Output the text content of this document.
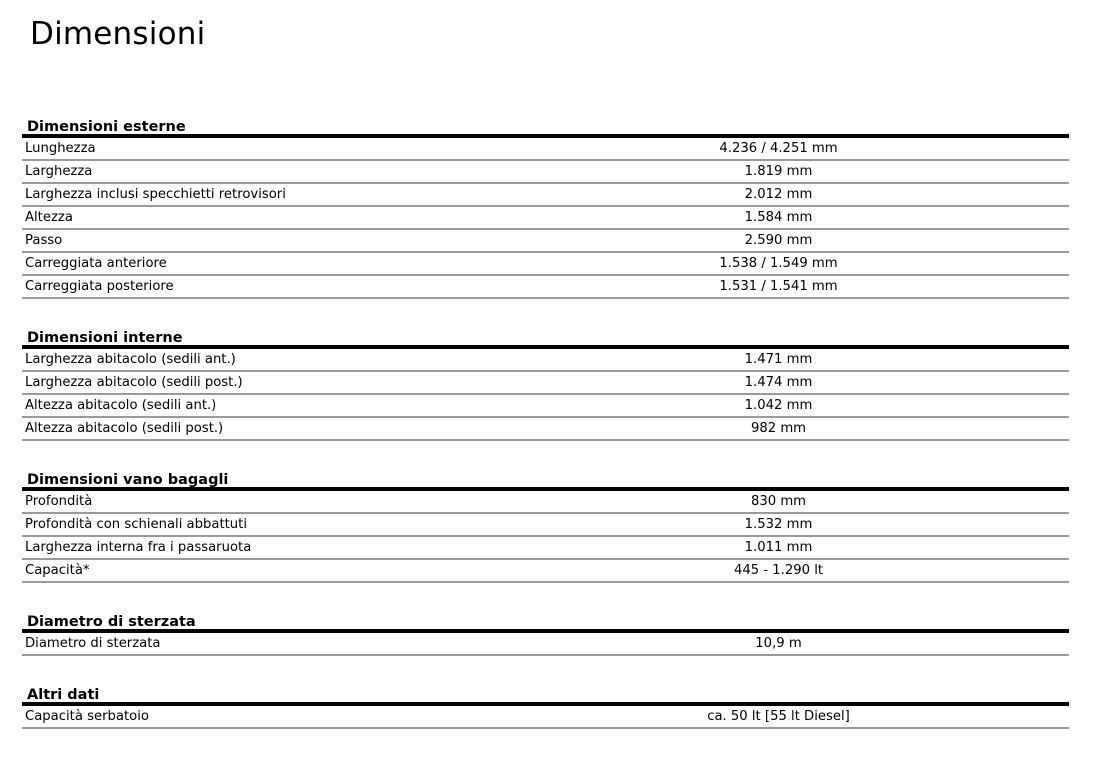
Dimensioni
Dimensioni esterne
Lunghezza	4.236 / 4.251 mm
Larghezza	1.819 mm
Larghezza inclusi specchietti retrovisori	2.012 mm
Altezza	1.584 mm
Passo	2.590 mm
Carreggiata anteriore	1.538 / 1.549 mm
Carreggiata posteriore	1.531 / 1.541 mm
Dimensioni interne
Larghezza abitacolo (sedili ant.)	1.471 mm
Larghezza abitacolo (sedili post.)	1.474 mm
Altezza abitacolo (sedili ant.)	1.042 mm
Altezza abitacolo (sedili post.)	982 mm
Dimensioni vano bagagli
Profondità	830 mm
Profondità con schienali abbattuti	1.532 mm
Larghezza interna fra i passaruota	1.011 mm
Capacità*	445 - 1.290 lt
Diametro di sterzata
Diametro di sterzata	10,9 m
Altri dati
Capacità serbatoio	ca. 50 lt [55 lt Diesel]
